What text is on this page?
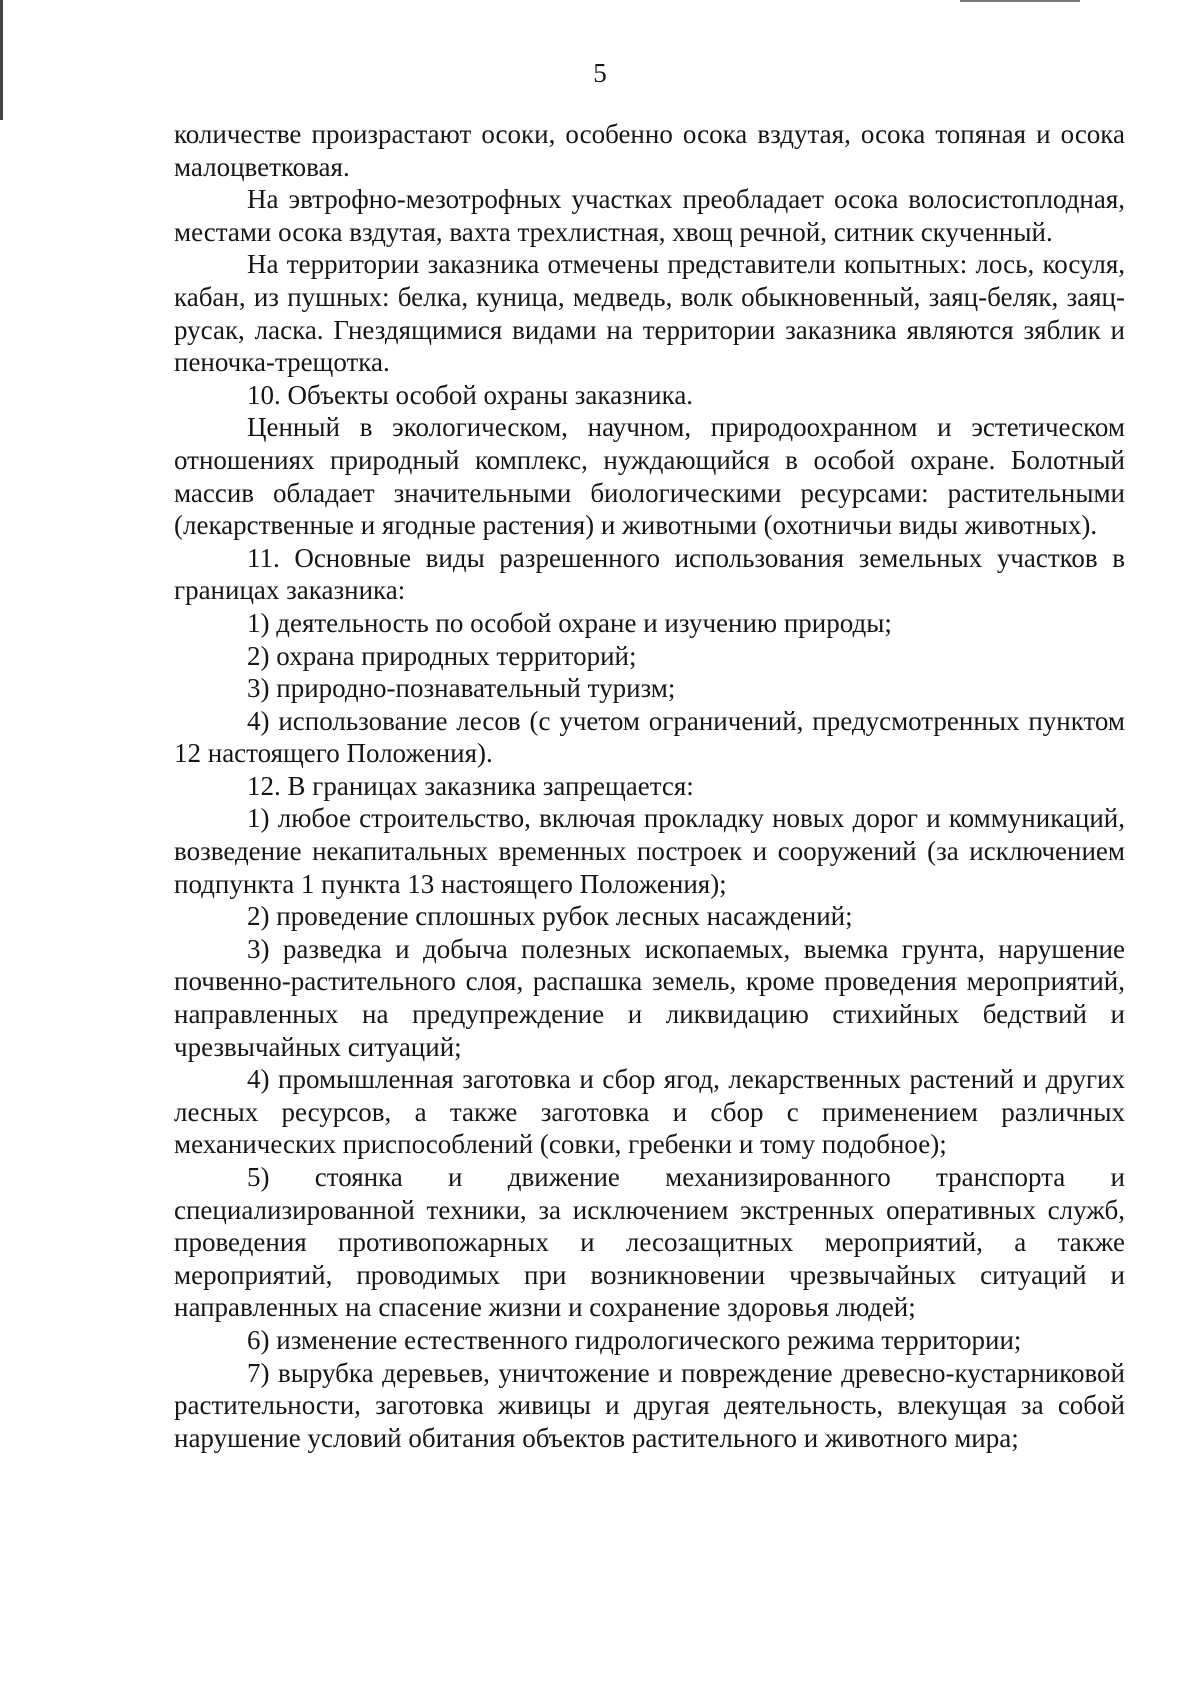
5

количестве произрастают осоки, особенно осока вздутая, осока топяная и осока малоцветковая.

На эвтрофно-мезотрофных участках преобладает осока волосистоплодная, местами осока вздутая, вахта трехлистная, хвощ речной, ситник скученный.

На территории заказника отмечены представители копытных: лось, косуля, кабан, из пушных: белка, куница, медведь, волк обыкновенный, заяц-беляк, заяц-русак, ласка. Гнездящимися видами на территории заказника являются зяблик и пеночка-трещотка.

10. Объекты особой охраны заказника.

Ценный в экологическом, научном, природоохранном и эстетическом отношениях природный комплекс, нуждающийся в особой охране. Болотный массив обладает значительными биологическими ресурсами: растительными (лекарственные и ягодные растения) и животными (охотничьи виды животных).

11. Основные виды разрешенного использования земельных участков в границах заказника:

1) деятельность по особой охране и изучению природы;

2) охрана природных территорий;

3) природно-познавательный туризм;

4) использование лесов (с учетом ограничений, предусмотренных пунктом 12 настоящего Положения).

12. В границах заказника запрещается:

1) любое строительство, включая прокладку новых дорог и коммуникаций, возведение некапитальных временных построек и сооружений (за исключением подпункта 1 пункта 13 настоящего Положения);

2) проведение сплошных рубок лесных насаждений;

3) разведка и добыча полезных ископаемых, выемка грунта, нарушение почвенно-растительного слоя, распашка земель, кроме проведения мероприятий, направленных на предупреждение и ликвидацию стихийных бедствий и чрезвычайных ситуаций;

4) промышленная заготовка и сбор ягод, лекарственных растений и других лесных ресурсов, а также заготовка и сбор с применением различных механических приспособлений (совки, гребенки и тому подобное);

5) стоянка и движение механизированного транспорта и специализированной техники, за исключением экстренных оперативных служб, проведения противопожарных и лесозащитных мероприятий, а также мероприятий, проводимых при возникновении чрезвычайных ситуаций и направленных на спасение жизни и сохранение здоровья людей;

6) изменение естественного гидрологического режима территории;

7) вырубка деревьев, уничтожение и повреждение древесно-кустарниковой растительности, заготовка живицы и другая деятельность, влекущая за собой нарушение условий обитания объектов растительного и животного мира;
